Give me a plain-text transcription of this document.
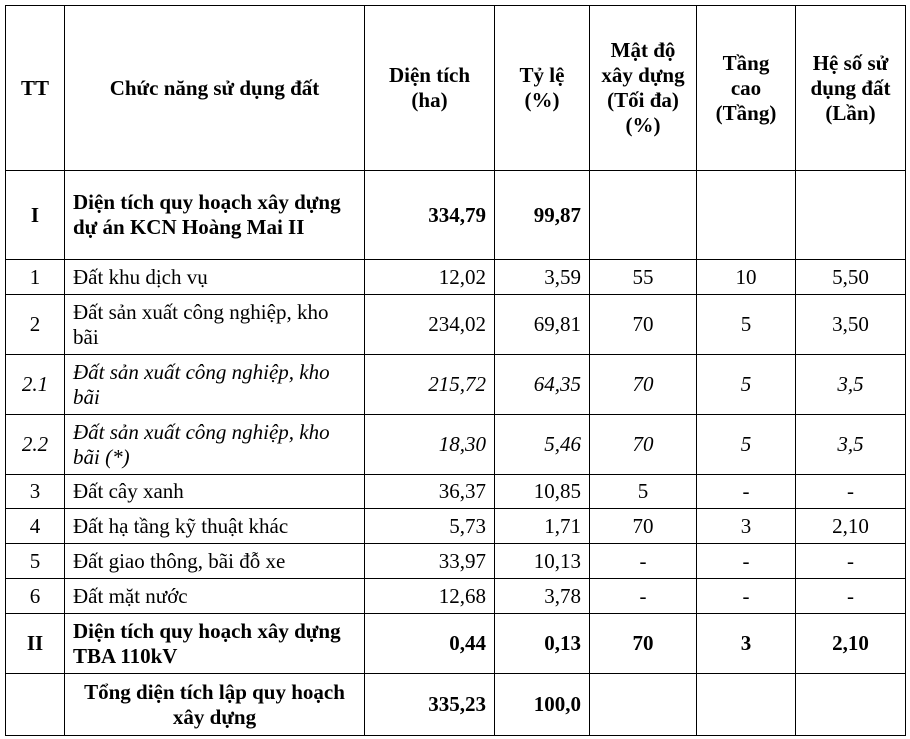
TT	Chức năng sử dụng đất	Diện tích (ha)	Tỷ lệ (%)	Mật độ xây dựng (Tối đa) (%)	Tầng cao (Tầng)	Hệ số sử dụng đất (Lần)
I	Diện tích quy hoạch xây dựng dự án KCN Hoàng Mai II	334,79	99,87			
1	Đất khu dịch vụ	12,02	3,59	55	10	5,50
2	Đất sản xuất công nghiệp, kho bãi	234,02	69,81	70	5	3,50
2.1	Đất sản xuất công nghiệp, kho bãi	215,72	64,35	70	5	3,5
2.2	Đất sản xuất công nghiệp, kho bãi (*)	18,30	5,46	70	5	3,5
3	Đất cây xanh	36,37	10,85	5	-	-
4	Đất hạ tầng kỹ thuật khác	5,73	1,71	70	3	2,10
5	Đất giao thông, bãi đỗ xe	33,97	10,13	-	-	-
6	Đất mặt nước	12,68	3,78	-	-	-
II	Diện tích quy hoạch xây dựng TBA 110kV	0,44	0,13	70	3	2,10
	Tổng diện tích lập quy hoạch xây dựng	335,23	100,0			
